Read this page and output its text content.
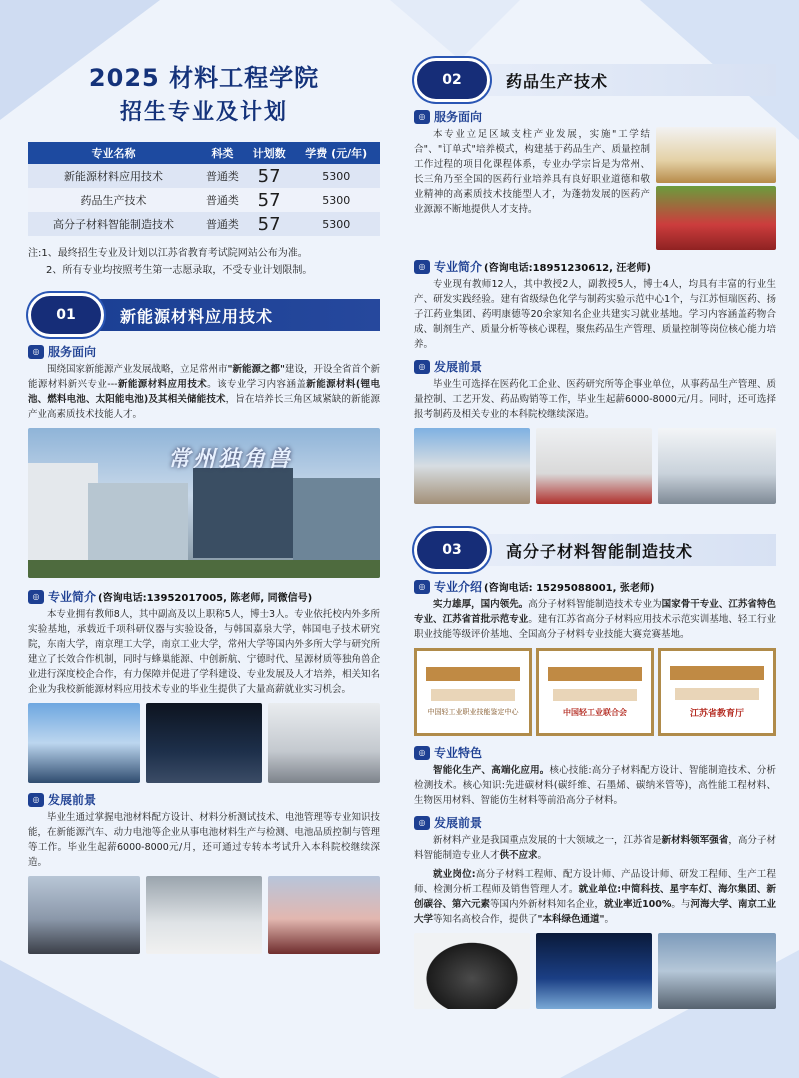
2025 材料工程学院
招生专业及计划
专业名称	科类	计划数	学费 (元/年)
新能源材料应用技术	普通类	57	5300
药品生产技术	普通类	57	5300
高分子材料智能制造技术	普通类	57	5300
注:1、最终招生专业及计划以江苏省教育考试院网站公布为准。
2、所有专业均按照考生第一志愿录取，不受专业计划限制。
01	新能源材料应用技术
◎ 服务面向

围绕国家新能源产业发展战略，立足常州市"新能源之都"建设，开设全省首个新能源材料新兴专业---新能源材料应用技术。该专业学习内容涵盖新能源材料(锂电池、燃料电池、太阳能电池)及其相关储能技术，旨在培养长三角区域紧缺的新能源产业高素质技术技能人才。

常州独角兽
◎ 专业简介 (咨询电话:13952017005, 陈老师, 同微信号)

本专业拥有教师8人，其中副高及以上职称5人，博士3人。专业依托校内外多所实验基地，承载近千项科研仪器与实验设备，与韩国嘉泉大学，韩国电子技术研究院，东南大学，南京理工大学，南京工业大学，常州大学等国内外多所大学与研究所建立了长效合作机制，同时与蜂巢能源、中创新航、宁德时代、星源材质等独角兽企业进行深度校企合作，有力保障并促进了学科建设、专业发展及人才培养，相关知名企业为我校新能源材料应用技术专业的毕业生提供了大量高薪就业实习机会。

◎ 发展前景

毕业生通过掌握电池材料配方设计、材料分析测试技术、电池管理等专业知识技能，在新能源汽车、动力电池等企业从事电池材料生产与检测、电池品质控制与管理等工作。毕业生起薪6000-8000元/月，还可通过专转本考试升入本科院校继续深造。

02	药品生产技术
◎ 服务面向

本专业立足区域支柱产业发展，实施"工学结合"、"订单式"培养模式，构建基于药品生产、质量控制工作过程的项目化课程体系，专业办学宗旨是为常州、长三角乃至全国的医药行业培养具有良好职业道德和敬业精神的高素质技术技能型人才，为蓬勃发展的医药产业源源不断地提供人才支持。

◎ 专业简介 (咨询电话:18951230612, 汪老师)

专业现有教师12人，其中教授2人，副教授5人，博士4人，均具有丰富的行业生产、研发实践经验。建有省级绿色化学与制药实验示范中心1个，与江苏恒瑞医药、扬子江药业集团、药明康德等20余家知名企业共建实习就业基地。学习内容涵盖药物合成、制剂生产、质量分析等核心课程，聚焦药品生产管理、质量控制等岗位核心能力培养。

◎ 发展前景

毕业生可选择在医药化工企业、医药研究所等企事业单位，从事药品生产管理、质量控制、工艺开发、药品购销等工作，毕业生起薪6000-8000元/月。同时，还可选择报考制药及相关专业的本科院校继续深造。

03	高分子材料智能制造技术
◎ 专业介绍 (咨询电话: 15295088001, 张老师)

实力雄厚，国内领先。高分子材料智能制造技术专业为国家骨干专业、江苏省特色专业、江苏省首批示范专业。建有江苏省高分子材料应用技术示范实训基地、轻工行业职业技能等级评价基地、全国高分子材料专业技能大赛竞赛基地。

中国轻工业职业技能鉴定中心	中国轻工业联合会	江苏省教育厅
◎ 专业特色

智能化生产、高端化应用。核心技能:高分子材料配方设计、智能制造技术、分析检测技术。核心知识:先进碳材料(碳纤维、石墨烯、碳纳米管等)，高性能工程材料、生物医用材料、智能仿生材料等前沿高分子材料。

◎ 发展前景

新材料产业是我国重点发展的十大领域之一，江苏省是新材料领军强省，高分子材料智能制造专业人才供不应求。

就业岗位:高分子材料工程师、配方设计师、产品设计师、研发工程师、生产工程师、检测分析工程师及销售管理人才。就业单位:中简科技、星宇车灯、海尔集团、新创碳谷、第六元素等国内外新材料知名企业，就业率近100%。与河海大学、南京工业大学等知名高校合作，提供了"本科绿色通道"。
